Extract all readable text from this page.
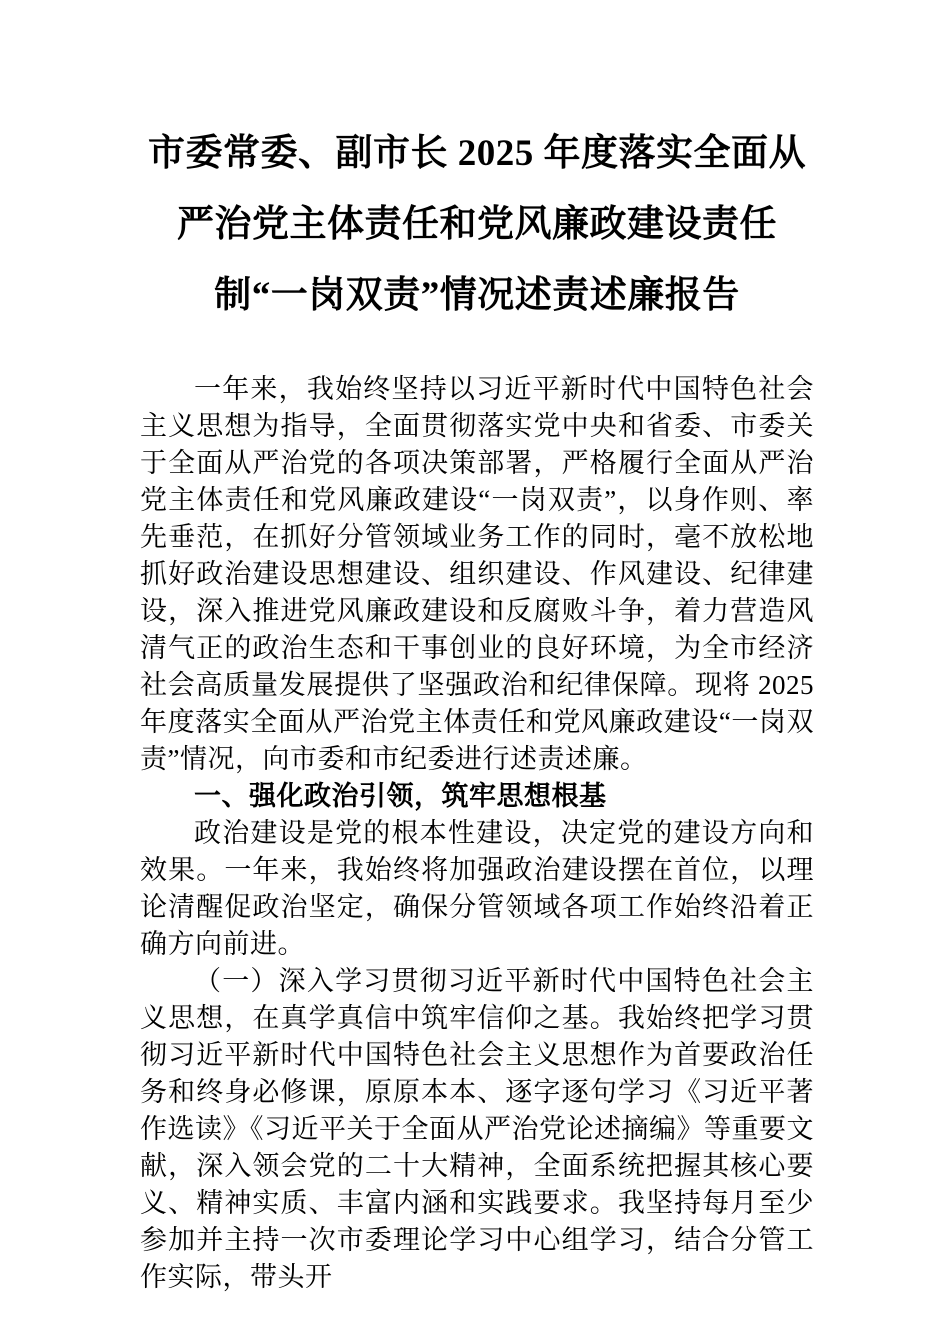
市委常委、副市长 2025 年度落实全面从严治党主体责任和党风廉政建设责任制“一岗双责”情况述责述廉报告

一年来，我始终坚持以习近平新时代中国特色社会主义思想为指导，全面贯彻落实党中央和省委、市委关于全面从严治党的各项决策部署，严格履行全面从严治党主体责任和党风廉政建设“一岗双责”，以身作则、率先垂范，在抓好分管领域业务工作的同时，毫不放松地抓好政治建设思想建设、组织建设、作风建设、纪律建设，深入推进党风廉政建设和反腐败斗争，着力营造风清气正的政治生态和干事创业的良好环境，为全市经济社会高质量发展提供了坚强政治和纪律保障。现将 2025 年度落实全面从严治党主体责任和党风廉政建设“一岗双责”情况，向市委和市纪委进行述责述廉。

一、强化政治引领，筑牢思想根基

政治建设是党的根本性建设，决定党的建设方向和效果。一年来，我始终将加强政治建设摆在首位，以理论清醒促政治坚定，确保分管领域各项工作始终沿着正确方向前进。

（一）深入学习贯彻习近平新时代中国特色社会主义思想，在真学真信中筑牢信仰之基。我始终把学习贯彻习近平新时代中国特色社会主义思想作为首要政治任务和终身必修课，原原本本、逐字逐句学习《习近平著作选读》《习近平关于全面从严治党论述摘编》等重要文献，深入领会党的二十大精神，全面系统把握其核心要义、精神实质、丰富内涵和实践要求。我坚持每月至少参加并主持一次市委理论学习中心组学习，结合分管工作实际，带头开
